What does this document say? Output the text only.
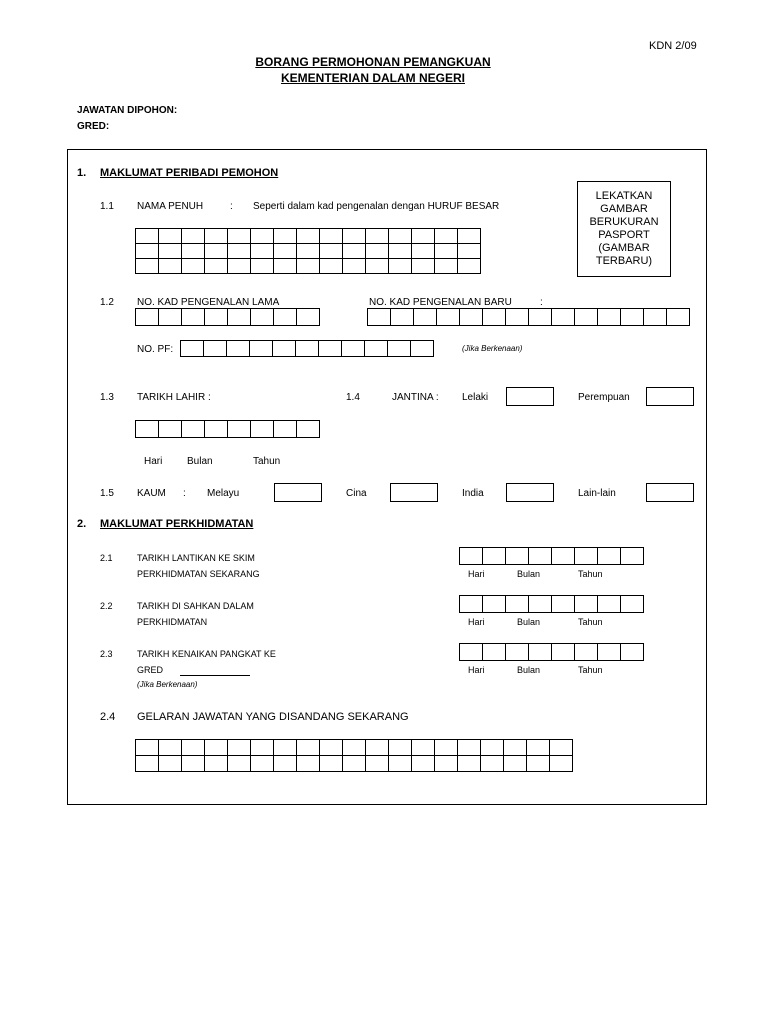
KDN 2/09
BORANG PERMOHONAN PEMANGKUAN
KEMENTERIAN DALAM NEGERI
JAWATAN DIPOHON:
GRED:
1. MAKLUMAT PERIBADI PEMOHON
LEKATKAN
GAMBAR
BERUKURAN
PASPORT
(GAMBAR
TERBARU)
1.1 NAMA PENUH	: Seperti dalam kad pengenalan dengan HURUF BESAR
1.2 NO. KAD PENGENALAN LAMA	NO. KAD PENGENALAN BARU	:
NO. PF:	(Jika Berkenaan)
1.3 TARIKH LAHIR :	1.4	JANTINA : Lelaki	Perempuan
Hari Bulan	Tahun
1.5 KAUM : Melayu	Cina	India	Lain-lain
2. MAKLUMAT PERKHIDMATAN
2.1	TARIKH LANTIKAN KE SKIM
PERKHIDMATAN SEKARANG	Hari	Bulan	Tahun
2.2	TARIKH DI SAHKAN DALAM
PERKHIDMATAN	Hari	Bulan	Tahun
2.3	TARIKH KENAIKAN PANGKAT KE
GRED
(Jika Berkenaan)
Hari	Bulan	Tahun
2.4 GELARAN JAWATAN YANG DISANDANG SEKARANG
